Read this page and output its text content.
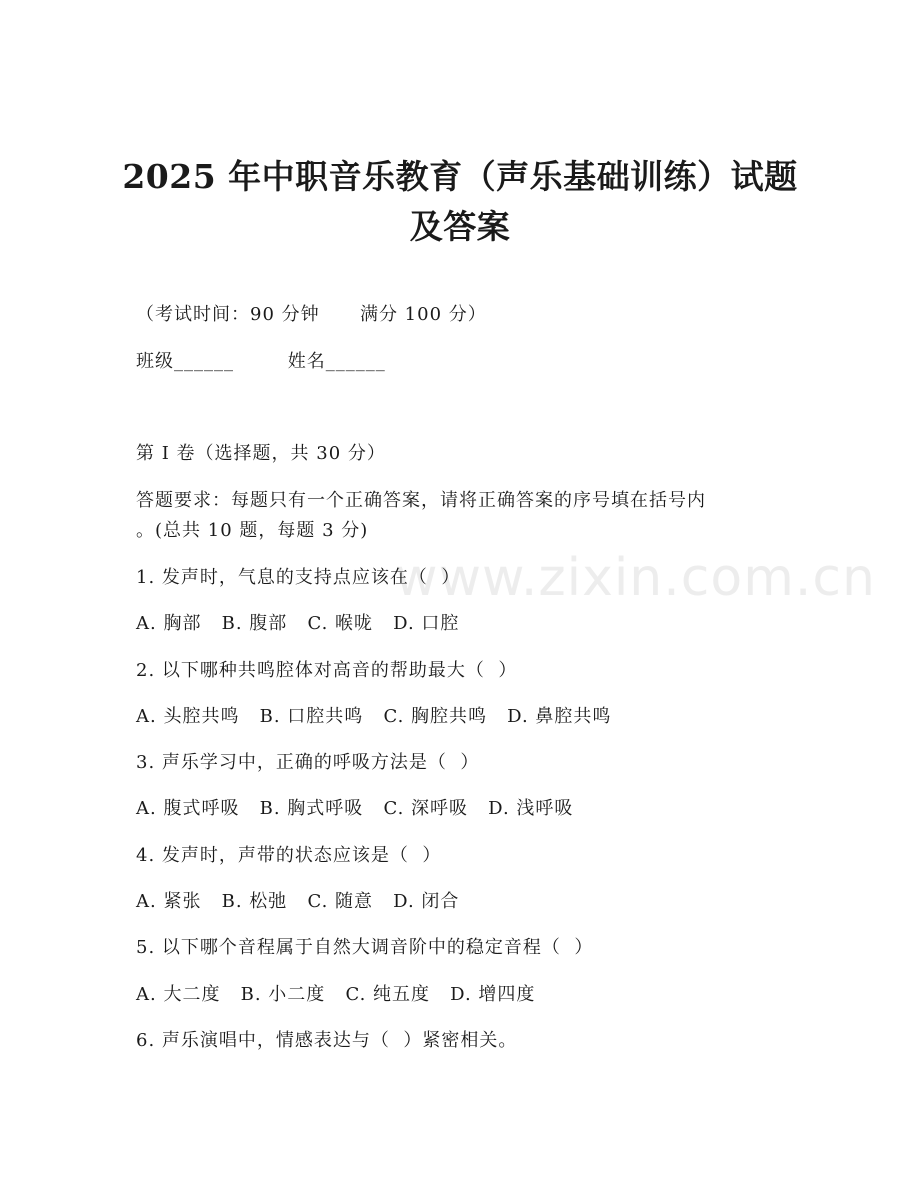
2025 年中职音乐教育（声乐基础训练）试题
及答案
（考试时间：90 分钟      满分 100 分）
班级______        姓名______
第 I 卷（选择题，共 30 分）
答题要求：每题只有一个正确答案，请将正确答案的序号填在括号内
。(总共 10 题，每题 3 分)
www.zixin.com.cn
1. 发声时，气息的支持点应该在（  ）
A. 胸部   B. 腹部   C. 喉咙   D. 口腔
2. 以下哪种共鸣腔体对高音的帮助最大（  ）
A. 头腔共鸣   B. 口腔共鸣   C. 胸腔共鸣   D. 鼻腔共鸣
3. 声乐学习中，正确的呼吸方法是（  ）
A. 腹式呼吸   B. 胸式呼吸   C. 深呼吸   D. 浅呼吸
4. 发声时，声带的状态应该是（  ）
A. 紧张   B. 松弛   C. 随意   D. 闭合
5. 以下哪个音程属于自然大调音阶中的稳定音程（  ）
A. 大二度   B. 小二度   C. 纯五度   D. 增四度
6. 声乐演唱中，情感表达与（  ）紧密相关。
